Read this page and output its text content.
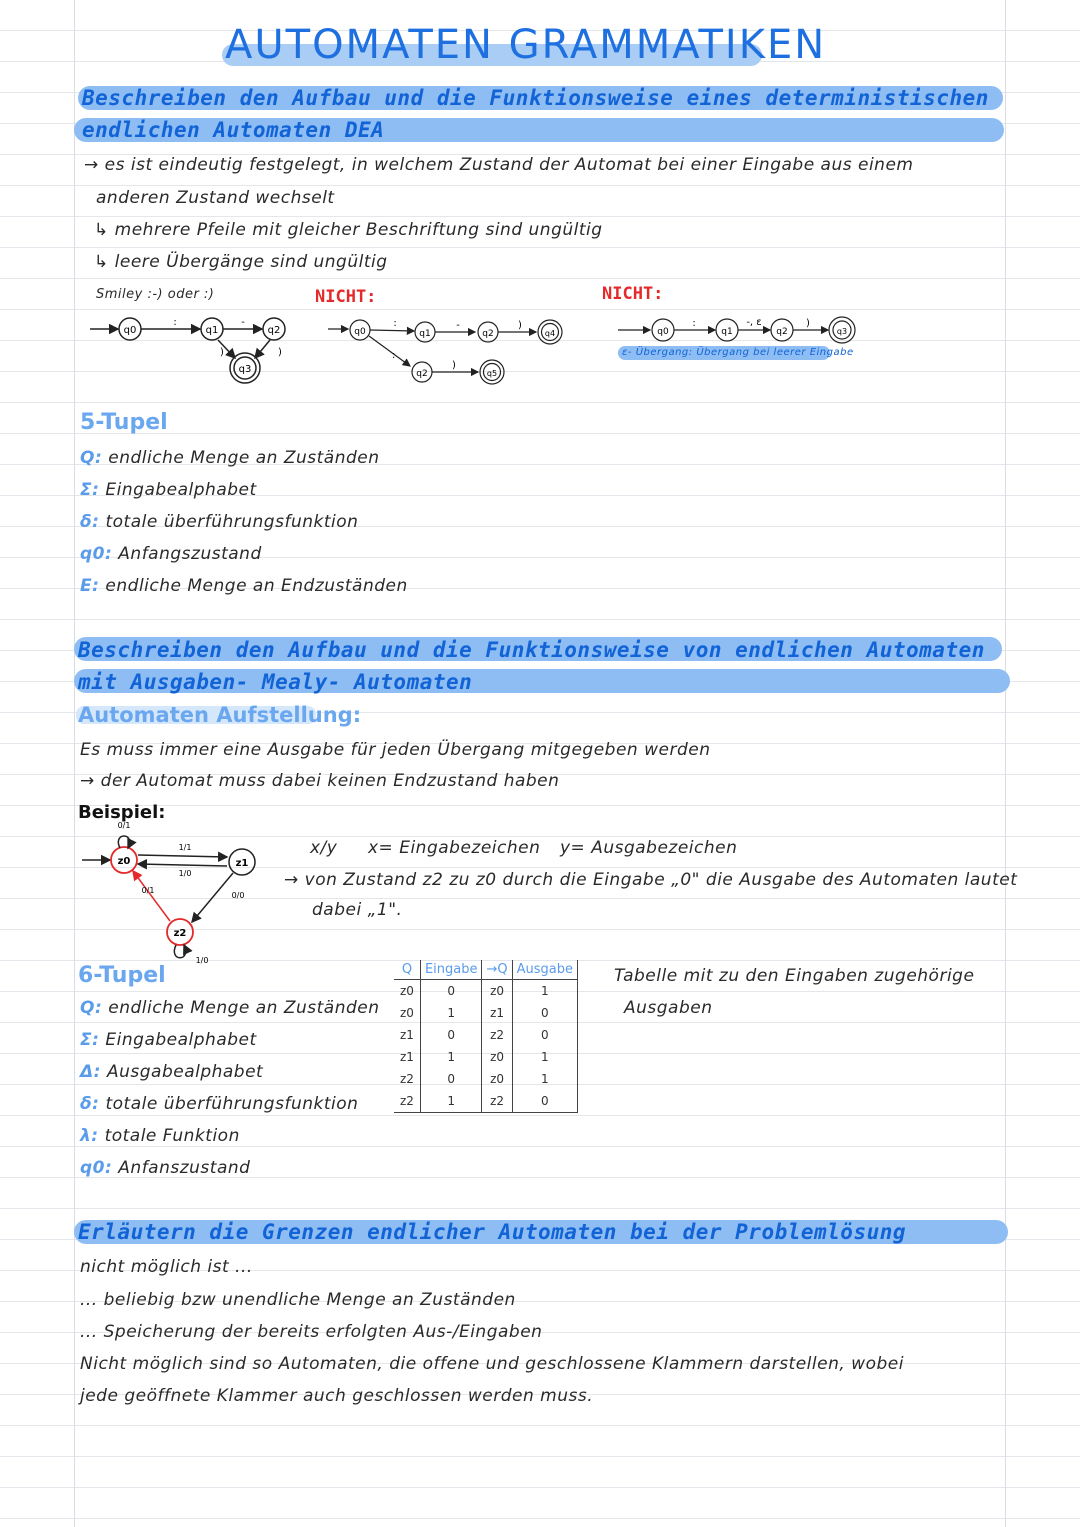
AUTOMATEN GRAMMATIKEN
Beschreiben den Aufbau und die Funktionsweise eines deterministischen
endlichen Automaten DEA
→ es ist eindeutig festgelegt, in welchem Zustand der Automat bei einer Eingabe aus einem
anderen Zustand wechselt
↳ mehrere Pfeile mit gleicher Beschriftung sind ungültig
↳ leere Übergänge sind ungültig
Smiley :-) oder :)	NICHT:	NICHT:
q0
:
q1
-
q2
)	)
q3
q0
:
q1
-
q2
)
q4
:
q2
)
q5
q0
:
q1
-, ε
q2
)
q3
ε- Übergang: Übergang bei leerer Eingabe
5-Tupel
Q: endliche Menge an Zuständen
Σ: Eingabealphabet
δ: totale überführungsfunktion
q0: Anfangszustand
E: endliche Menge an Endzuständen
Beschreiben den Aufbau und die Funktionsweise von endlichen Automaten
mit Ausgaben- Mealy- Automaten
Automaten Aufstellung:
Es muss immer eine Ausgabe für jeden Übergang mitgegeben werden
→ der Automat muss dabei keinen Endzustand haben
Beispiel:
z0
0/1
z1
1/1
1/0
z2
0/1
0/0
1/0
x/y x= Eingabezeichen y= Ausgabezeichen
→ von Zustand z2 zu z0 durch die Eingabe „0" die Ausgabe des Automaten lautet
dabei „1".
6-Tupel
Q: endliche Menge an Zuständen
Σ: Eingabealphabet
Δ: Ausgabealphabet
δ: totale überführungsfunktion
λ: totale Funktion
q0: Anfanszustand
Q	Eingabe	→Q	Ausgabe
z0	0	z0	1
z0	1	z1	0
z1	0	z2	0
z1	1	z0	1
z2	0	z0	1
z2	1	z2	0
Tabelle mit zu den Eingaben zugehörige
Ausgaben
Erläutern die Grenzen endlicher Automaten bei der Problemlösung
nicht möglich ist ...
... beliebig bzw unendliche Menge an Zuständen
... Speicherung der bereits erfolgten Aus-/Eingaben
Nicht möglich sind so Automaten, die offene und geschlossene Klammern darstellen, wobei
jede geöffnete Klammer auch geschlossen werden muss.
